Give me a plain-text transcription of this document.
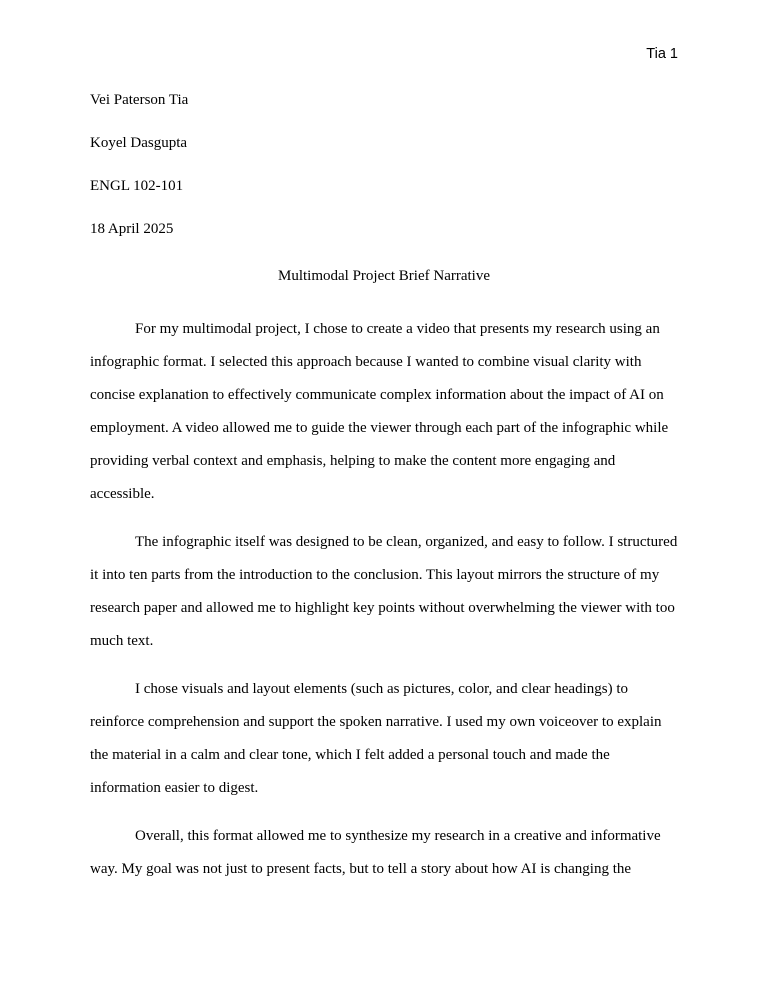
Tia 1

Vei Paterson Tia

Koyel Dasgupta

ENGL 102-101

18 April 2025

Multimodal Project Brief Narrative

For my multimodal project, I chose to create a video that presents my research using an infographic format. I selected this approach because I wanted to combine visual clarity with concise explanation to effectively communicate complex information about the impact of AI on employment. A video allowed me to guide the viewer through each part of the infographic while providing verbal context and emphasis, helping to make the content more engaging and accessible.

The infographic itself was designed to be clean, organized, and easy to follow. I structured it into ten parts from the introduction to the conclusion. This layout mirrors the structure of my research paper and allowed me to highlight key points without overwhelming the viewer with too much text.

I chose visuals and layout elements (such as pictures, color, and clear headings) to reinforce comprehension and support the spoken narrative. I used my own voiceover to explain the material in a calm and clear tone, which I felt added a personal touch and made the information easier to digest.

Overall, this format allowed me to synthesize my research in a creative and informative way. My goal was not just to present facts, but to tell a story about how AI is changing the
